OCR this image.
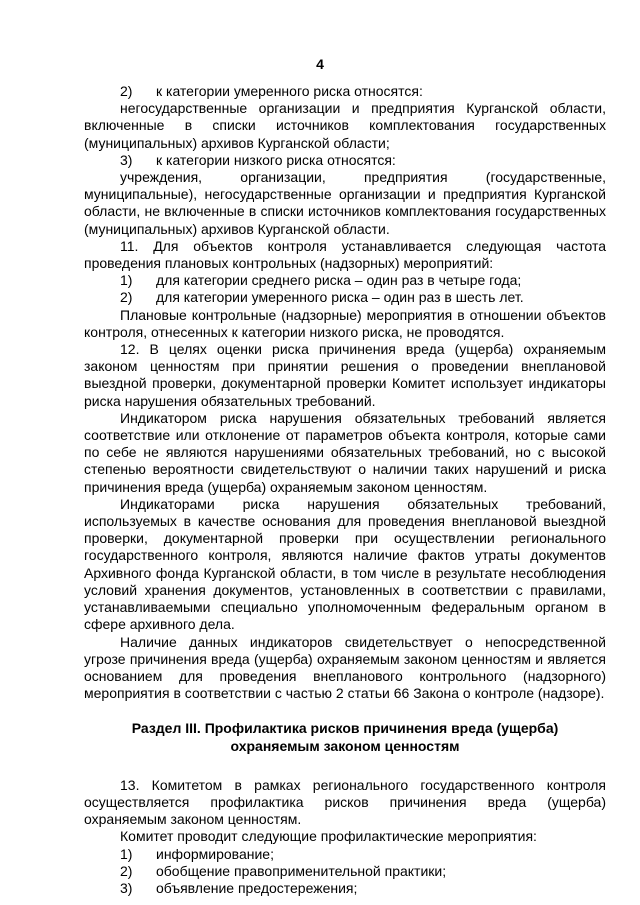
4
2)	к категории умеренного риска относятся:

негосударственные организации и предприятия Курганской области, включенные в списки источников комплектования государственных (муниципальных) архивов Курганской области;

3)	к категории низкого риска относятся:

учреждения, организации, предприятия (государственные, муниципальные), негосударственные организации и предприятия Курганской области, не включенные в списки источников комплектования государственных (муниципальных) архивов Курганской области.

11. Для объектов контроля устанавливается следующая частота проведения плановых контрольных (надзорных) мероприятий:

1)	для категории среднего риска – один раз в четыре года;
2)	для категории умеренного риска – один раз в шесть лет.

Плановые контрольные (надзорные) мероприятия в отношении объектов контроля, отнесенных к категории низкого риска, не проводятся.

12. В целях оценки риска причинения вреда (ущерба) охраняемым законом ценностям при принятии решения о проведении внеплановой выездной проверки, документарной проверки Комитет использует индикаторы риска нарушения обязательных требований.

Индикатором риска нарушения обязательных требований является соответствие или отклонение от параметров объекта контроля, которые сами по себе не являются нарушениями обязательных требований, но с высокой степенью вероятности свидетельствуют о наличии таких нарушений и риска причинения вреда (ущерба) охраняемым законом ценностям.

Индикаторами риска нарушения обязательных требований, используемых в качестве основания для проведения внеплановой выездной проверки, документарной проверки при осуществлении регионального государственного контроля, являются наличие фактов утраты документов Архивного фонда Курганской области, в том числе в результате несоблюдения условий хранения документов, установленных в соответствии с правилами, устанавливаемыми специально уполномоченным федеральным органом в сфере архивного дела.

Наличие данных индикаторов свидетельствует о непосредственной угрозе причинения вреда (ущерба) охраняемым законом ценностям и является основанием для проведения внепланового контрольного (надзорного) мероприятия в соответствии с частью 2 статьи 66 Закона о контроле (надзоре).

Раздел III. Профилактика рисков причинения вреда (ущерба) охраняемым законом ценностям

13. Комитетом в рамках регионального государственного контроля осуществляется профилактика рисков причинения вреда (ущерба) охраняемым законом ценностям.

Комитет проводит следующие профилактические мероприятия:

1)	информирование;
2)	обобщение правоприменительной практики;
3)	объявление предостережения;
